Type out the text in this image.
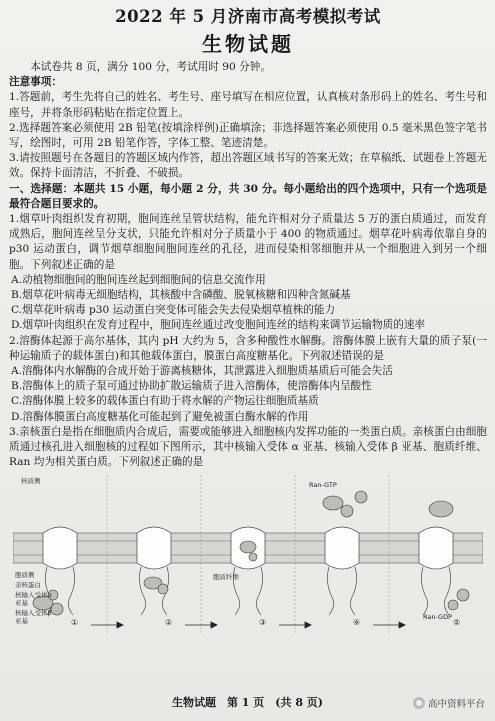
2022 年 5 月济南市高考模拟考试
生物试题

本试卷共 8 页，满分 100 分，考试用时 90 分钟。

注意事项：

1.答题前，考生先将自己的姓名、考生号、座号填写在相应位置，认真核对条形码上的姓名、考生号和座号，并将条形码粘贴在指定位置上。

2.选择题答案必须使用 2B 铅笔(按填涂样例)正确填涂；非选择题答案必须使用 0.5 毫米黑色签字笔书写，绘图时，可用 2B 铅笔作答，字体工整、笔迹清楚。

3.请按照题号在各题目的答题区域内作答，超出答题区域书写的答案无效；在草稿纸、试题卷上答题无效。保持卡面清洁，不折叠、不破损。

一、选择题：本题共 15 小题，每小题 2 分，共 30 分。每小题给出的四个选项中，只有一个选项是最符合题目要求的。

1.烟草叶肉组织发育初期，胞间连丝呈管状结构，能允许相对分子质量达 5 万的蛋白质通过，而发育成熟后，胞间连丝呈分支状，只能允许相对分子质量小于 400 的物质通过。烟草花叶病毒依靠自身的 p30 运动蛋白，调节烟草细胞间胞间连丝的孔径，进而侵染相邻细胞并从一个细胞进入到另一个细胞。下列叙述正确的是

A.动植物细胞间的胞间连丝起到细胞间的信息交流作用

B.烟草花叶病毒无细胞结构，其核酸中含磷酸、脱氧核糖和四种含氮碱基

C.烟草花叶病毒 p30 运动蛋白突变体可能会失去侵染烟草植株的能力

D.烟草叶肉组织在发育过程中，胞间连丝通过改变胞间连丝的结构来调节运输物质的速率

2.溶酶体起源于高尔基体，其内 pH 大约为 5，含多种酸性水解酶。溶酶体膜上嵌有大量的质子泵(一种运输质子的载体蛋白)和其他载体蛋白，膜蛋白高度糖基化。下列叙述错误的是

A.溶酶体内水解酶的合成开始于游离核糖体，其泄露进入细胞质基质后可能会失活

B.溶酶体上的质子泵可通过协助扩散运输质子进入溶酶体，使溶酶体内呈酸性

C.溶酶体膜上较多的载体蛋白有助于将水解的产物运往细胞质基质

D.溶酶体膜蛋白高度糖基化可能起到了避免被蛋白酶水解的作用

3.亲核蛋白是指在细胞质内合成后，需要或能够进入细胞核内发挥功能的一类蛋白质。亲核蛋白由细胞质通过核孔进入细胞核的过程如下图所示，其中核输入受体 α 亚基、核输入受体 β 亚基、胞质纤维、Ran 均为相关蛋白质。下列叙述正确的是

核质侧
胞质侧
亲核蛋白
核输入受体α亚基
核输入受体β亚基
胞质纤维
Ran-GTP
Ran-GDP
①	②	③	④	⑤
生物试题　第 1 页　(共 8 页)	高中资料平台
